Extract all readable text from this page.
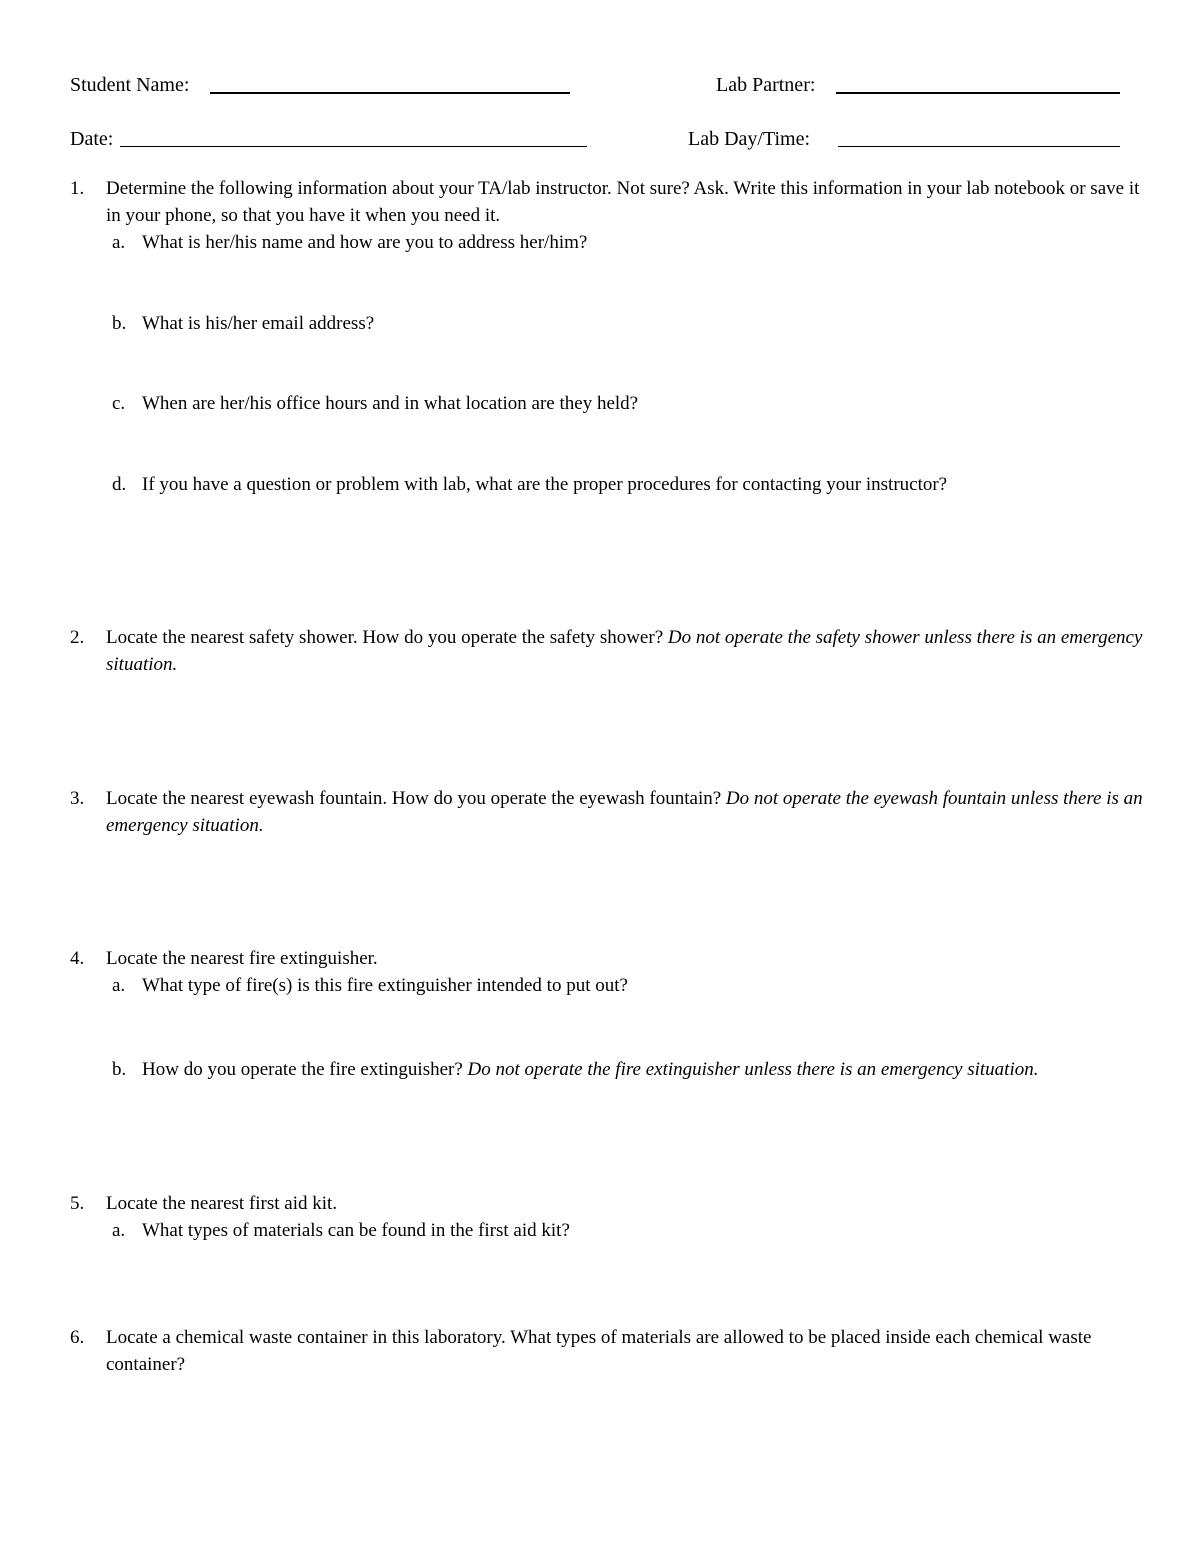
Student Name:	Lab Partner:
Date:	Lab Day/Time:
1.	Determine the following information about your TA/lab instructor. Not sure? Ask. Write this information in your lab notebook or save it in your phone, so that you have it when you need it.
a. What is her/his name and how are you to address her/him?
b. What is his/her email address?
c. When are her/his office hours and in what location are they held?
d. If you have a question or problem with lab, what are the proper procedures for contacting your instructor?
2.	Locate the nearest safety shower. How do you operate the safety shower? Do not operate the safety shower unless there is an emergency situation.
3.	Locate the nearest eyewash fountain. How do you operate the eyewash fountain? Do not operate the eyewash fountain unless there is an emergency situation.
4.	Locate the nearest fire extinguisher.
a. What type of fire(s) is this fire extinguisher intended to put out?
b. How do you operate the fire extinguisher? Do not operate the fire extinguisher unless there is an emergency situation.
5.	Locate the nearest first aid kit.
a. What types of materials can be found in the first aid kit?
6.	Locate a chemical waste container in this laboratory. What types of materials are allowed to be placed inside each chemical waste container?
